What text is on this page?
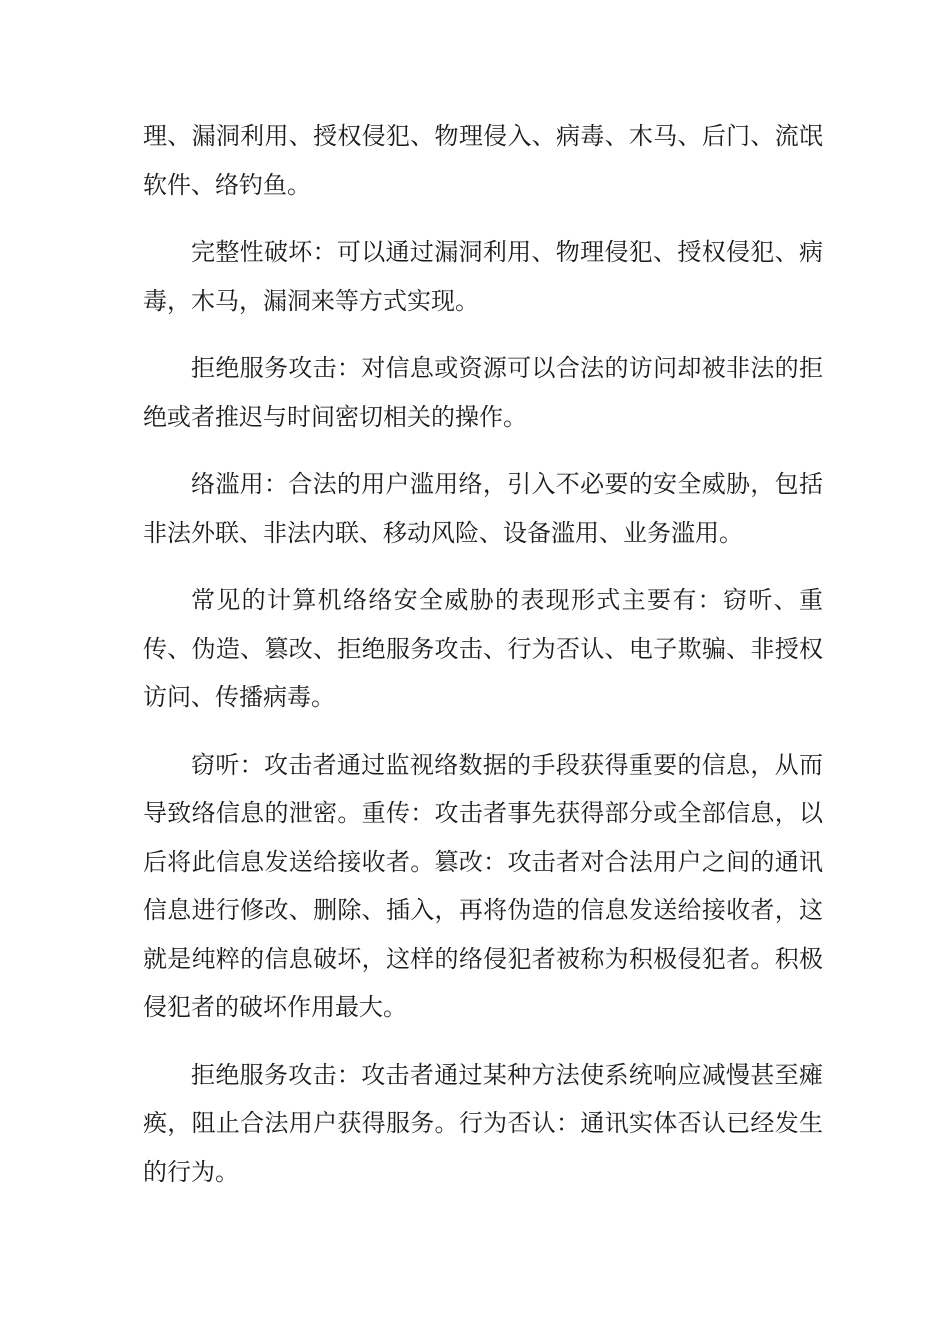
理、漏洞利用、授权侵犯、物理侵入、病毒、木马、后门、流氓软件、络钓鱼。

完整性破坏：可以通过漏洞利用、物理侵犯、授权侵犯、病毒，木马，漏洞来等方式实现。

拒绝服务攻击：对信息或资源可以合法的访问却被非法的拒绝或者推迟与时间密切相关的操作。

络滥用：合法的用户滥用络，引入不必要的安全威胁，包括非法外联、非法内联、移动风险、设备滥用、业务滥用。

常见的计算机络络安全威胁的表现形式主要有：窃听、重传、伪造、篡改、拒绝服务攻击、行为否认、电子欺骗、非授权访问、传播病毒。

窃听：攻击者通过监视络数据的手段获得重要的信息，从而导致络信息的泄密。重传：攻击者事先获得部分或全部信息，以后将此信息发送给接收者。篡改：攻击者对合法用户之间的通讯信息进行修改、删除、插入，再将伪造的信息发送给接收者，这就是纯粹的信息破坏，这样的络侵犯者被称为积极侵犯者。积极侵犯者的破坏作用最大。

拒绝服务攻击：攻击者通过某种方法使系统响应减慢甚至瘫痪，阻止合法用户获得服务。行为否认：通讯实体否认已经发生的行为。
